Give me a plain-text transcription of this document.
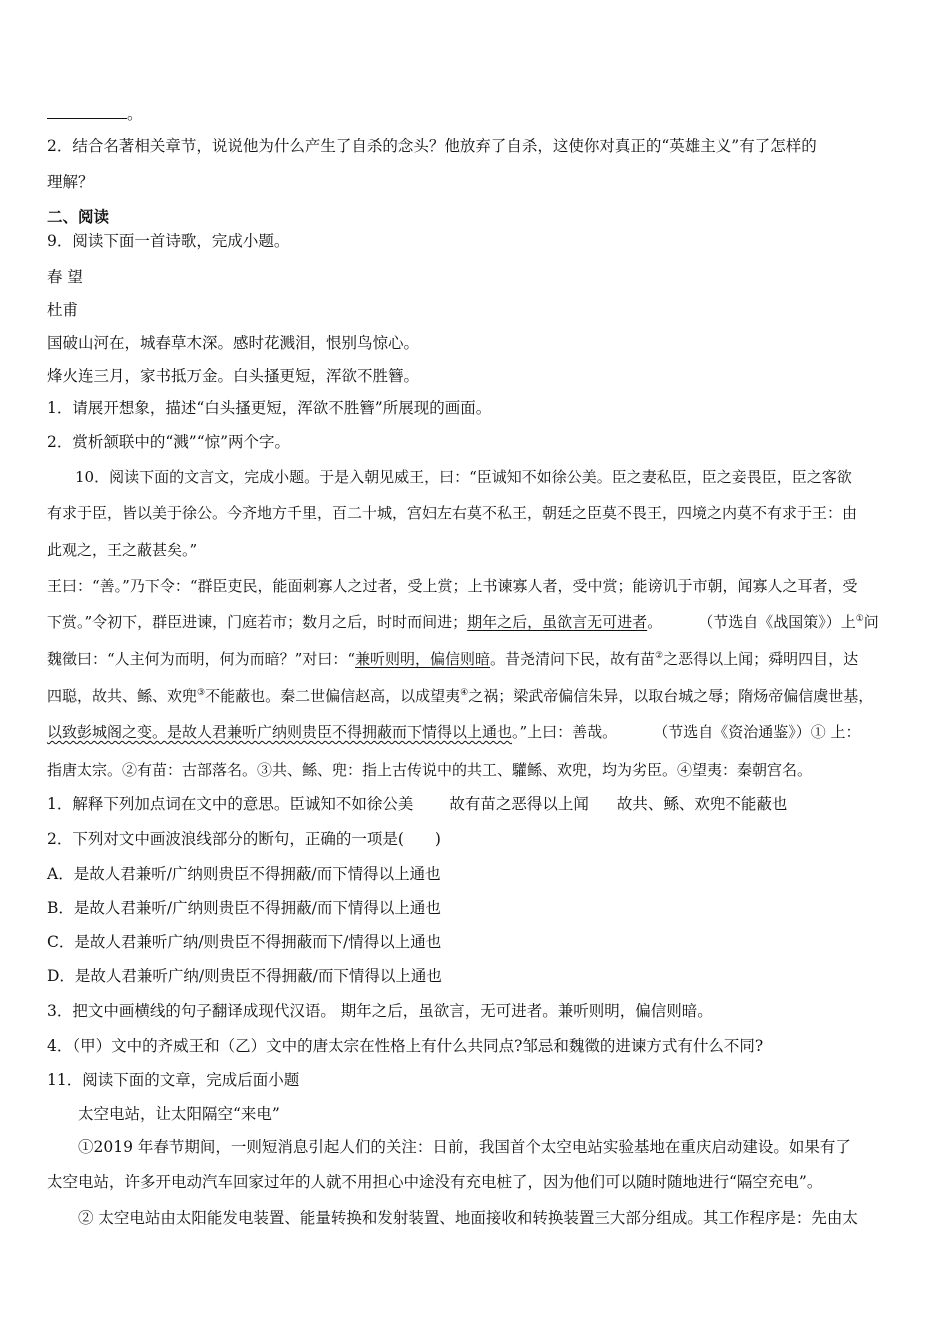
。
2．结合名著相关章节，说说他为什么产生了自杀的念头？他放弃了自杀，这使你对真正的“英雄主义”有了怎样的
理解？
二、阅读
9．阅读下面一首诗歌，完成小题。
春 望
杜甫
国破山河在，城春草木深。感时花溅泪，恨别鸟惊心。
烽火连三月，家书抵万金。白头搔更短，浑欲不胜簪。
1．请展开想象，描述“白头搔更短，浑欲不胜簪”所展现的画面。
2．赏析颔联中的“溅”“惊”两个字。
10．阅读下面的文言文，完成小题。于是入朝见威王，曰：“臣诚知不如徐公美。臣之妻私臣，臣之妾畏臣，臣之客欲
有求于臣，皆以美于徐公。今齐地方千里，百二十城，宫妇左右莫不私王，朝廷之臣莫不畏王，四境之内莫不有求于王：由
此观之，王之蔽甚矣。”
王曰：“善。”乃下令：“群臣吏民，能面刺寡人之过者，受上赏；上书谏寡人者，受中赏；能谤讥于市朝，闻寡人之耳者，受
下赏。”令初下，群臣进谏，门庭若市；数月之后，时时而间进；期年之后，虽欲言无可进者。 （节选自《战国策》）上①问
魏徵曰：“人主何为而明，何为而暗？”对曰：“兼听则明，偏信则暗。昔尧清问下民，故有苗②之恶得以上闻；舜明四目，达
四聪，故共、鲧、欢兜③不能蔽也。秦二世偏信赵高，以成望夷④之祸；梁武帝偏信朱异，以取台城之辱；隋炀帝偏信虞世基，
以致彭城阁之变。是故人君兼听广纳则贵臣不得拥蔽而下情得以上通也。”上曰：善哉。 （节选自《资治通鉴》）① 上：
指唐太宗。②有苗：古部落名。③共、鲧、兜：指上古传说中的共工、驩鲧、欢兜，均为劣臣。④望夷：秦朝宫名。
1．解释下列加点词在文中的意思。臣诚知不如徐公美 故有苗之恶得以上闻 故共、鲧、欢兜不能蔽也
2．下列对文中画波浪线部分的断句，正确的一项是(　　)
A．是故人君兼听/广纳则贵臣不得拥蔽/而下情得以上通也
B．是故人君兼听/广纳则贵臣不得拥蔽/而下情得以上通也
C．是故人君兼听广纳/则贵臣不得拥蔽而下/情得以上通也
D．是故人君兼听广纳/则贵臣不得拥蔽/而下情得以上通也
3．把文中画横线的句子翻译成现代汉语。 期年之后，虽欲言，无可进者。兼听则明，偏信则暗。
4．（甲）文中的齐威王和（乙）文中的唐太宗在性格上有什么共同点?邹忌和魏徵的进谏方式有什么不同?
11．阅读下面的文章，完成后面小题
太空电站，让太阳隔空“来电”
①2019 年春节期间，一则短消息引起人们的关注：日前，我国首个太空电站实验基地在重庆启动建设。如果有了
太空电站，许多开电动汽车回家过年的人就不用担心中途没有充电桩了，因为他们可以随时随地进行“隔空充电”。
② 太空电站由太阳能发电装置、能量转换和发射装置、地面接收和转换装置三大部分组成。其工作程序是：先由太
